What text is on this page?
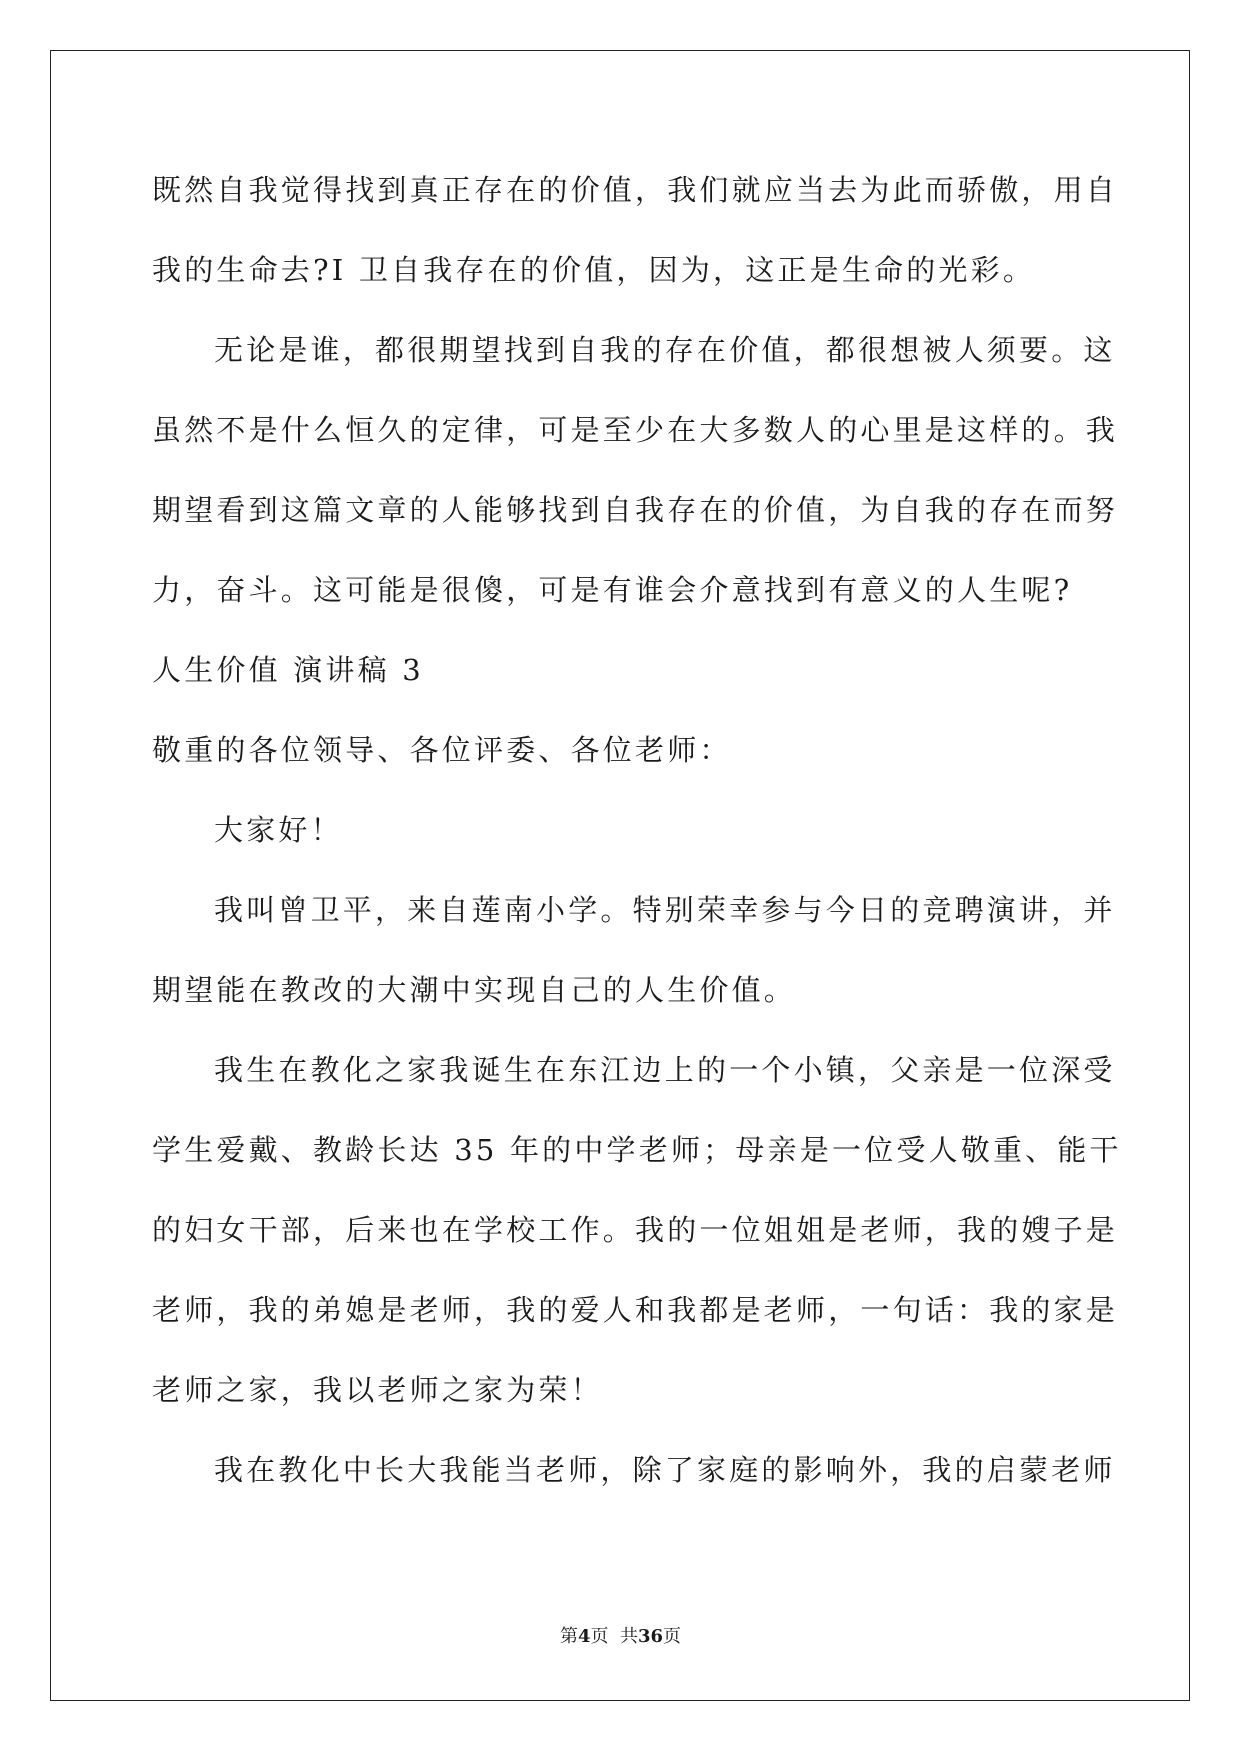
既然自我觉得找到真正存在的价值，我们就应当去为此而骄傲，用自
我的生命去?I 卫自我存在的价值，因为，这正是生命的光彩。
无论是谁，都很期望找到自我的存在价值，都很想被人须要。这
虽然不是什么恒久的定律，可是至少在大多数人的心里是这样的。我
期望看到这篇文章的人能够找到自我存在的价值，为自我的存在而努
力，奋斗。这可能是很傻，可是有谁会介意找到有意义的人生呢?
人生价值 演讲稿 3
敬重的各位领导、各位评委、各位老师：
大家好！
我叫曾卫平，来自莲南小学。特别荣幸参与今日的竞聘演讲，并
期望能在教改的大潮中实现自己的人生价值。
我生在教化之家我诞生在东江边上的一个小镇，父亲是一位深受
学生爱戴、教龄长达 35 年的中学老师；母亲是一位受人敬重、能干
的妇女干部，后来也在学校工作。我的一位姐姐是老师，我的嫂子是
老师，我的弟媳是老师，我的爱人和我都是老师，一句话：我的家是
老师之家，我以老师之家为荣！
我在教化中长大我能当老师，除了家庭的影响外，我的启蒙老师
第4页  共36页
